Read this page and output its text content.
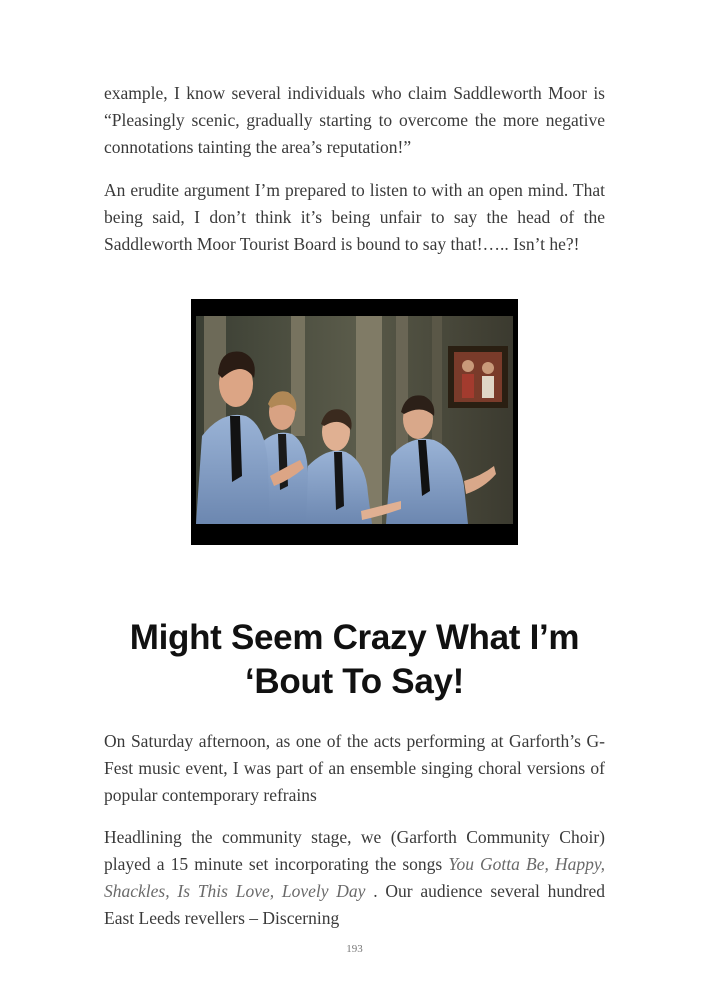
example, I know several individuals who claim Saddleworth Moor is “Pleasingly scenic, gradually starting to overcome the more negative connotations tainting the area’s reputation!”

An erudite argument I’m prepared to listen to with an open mind. That being said, I don’t think it’s being unfair to say the head of the Saddleworth Moor Tourist Board is bound to say that!….. Isn’t he?!

Might Seem Crazy What I’m
‘Bout To Say!

On Saturday afternoon, as one of the acts performing at Garforth’s G-Fest music event, I was part of an ensemble singing choral versions of popular contemporary refrains

Headlining the community stage, we (Garforth Community Choir) played a 15 minute set incorporating the songs You Gotta Be, Happy, Shackles, Is This Love, Lovely Day . Our audience several hundred East Leeds revellers – Discerning

193
